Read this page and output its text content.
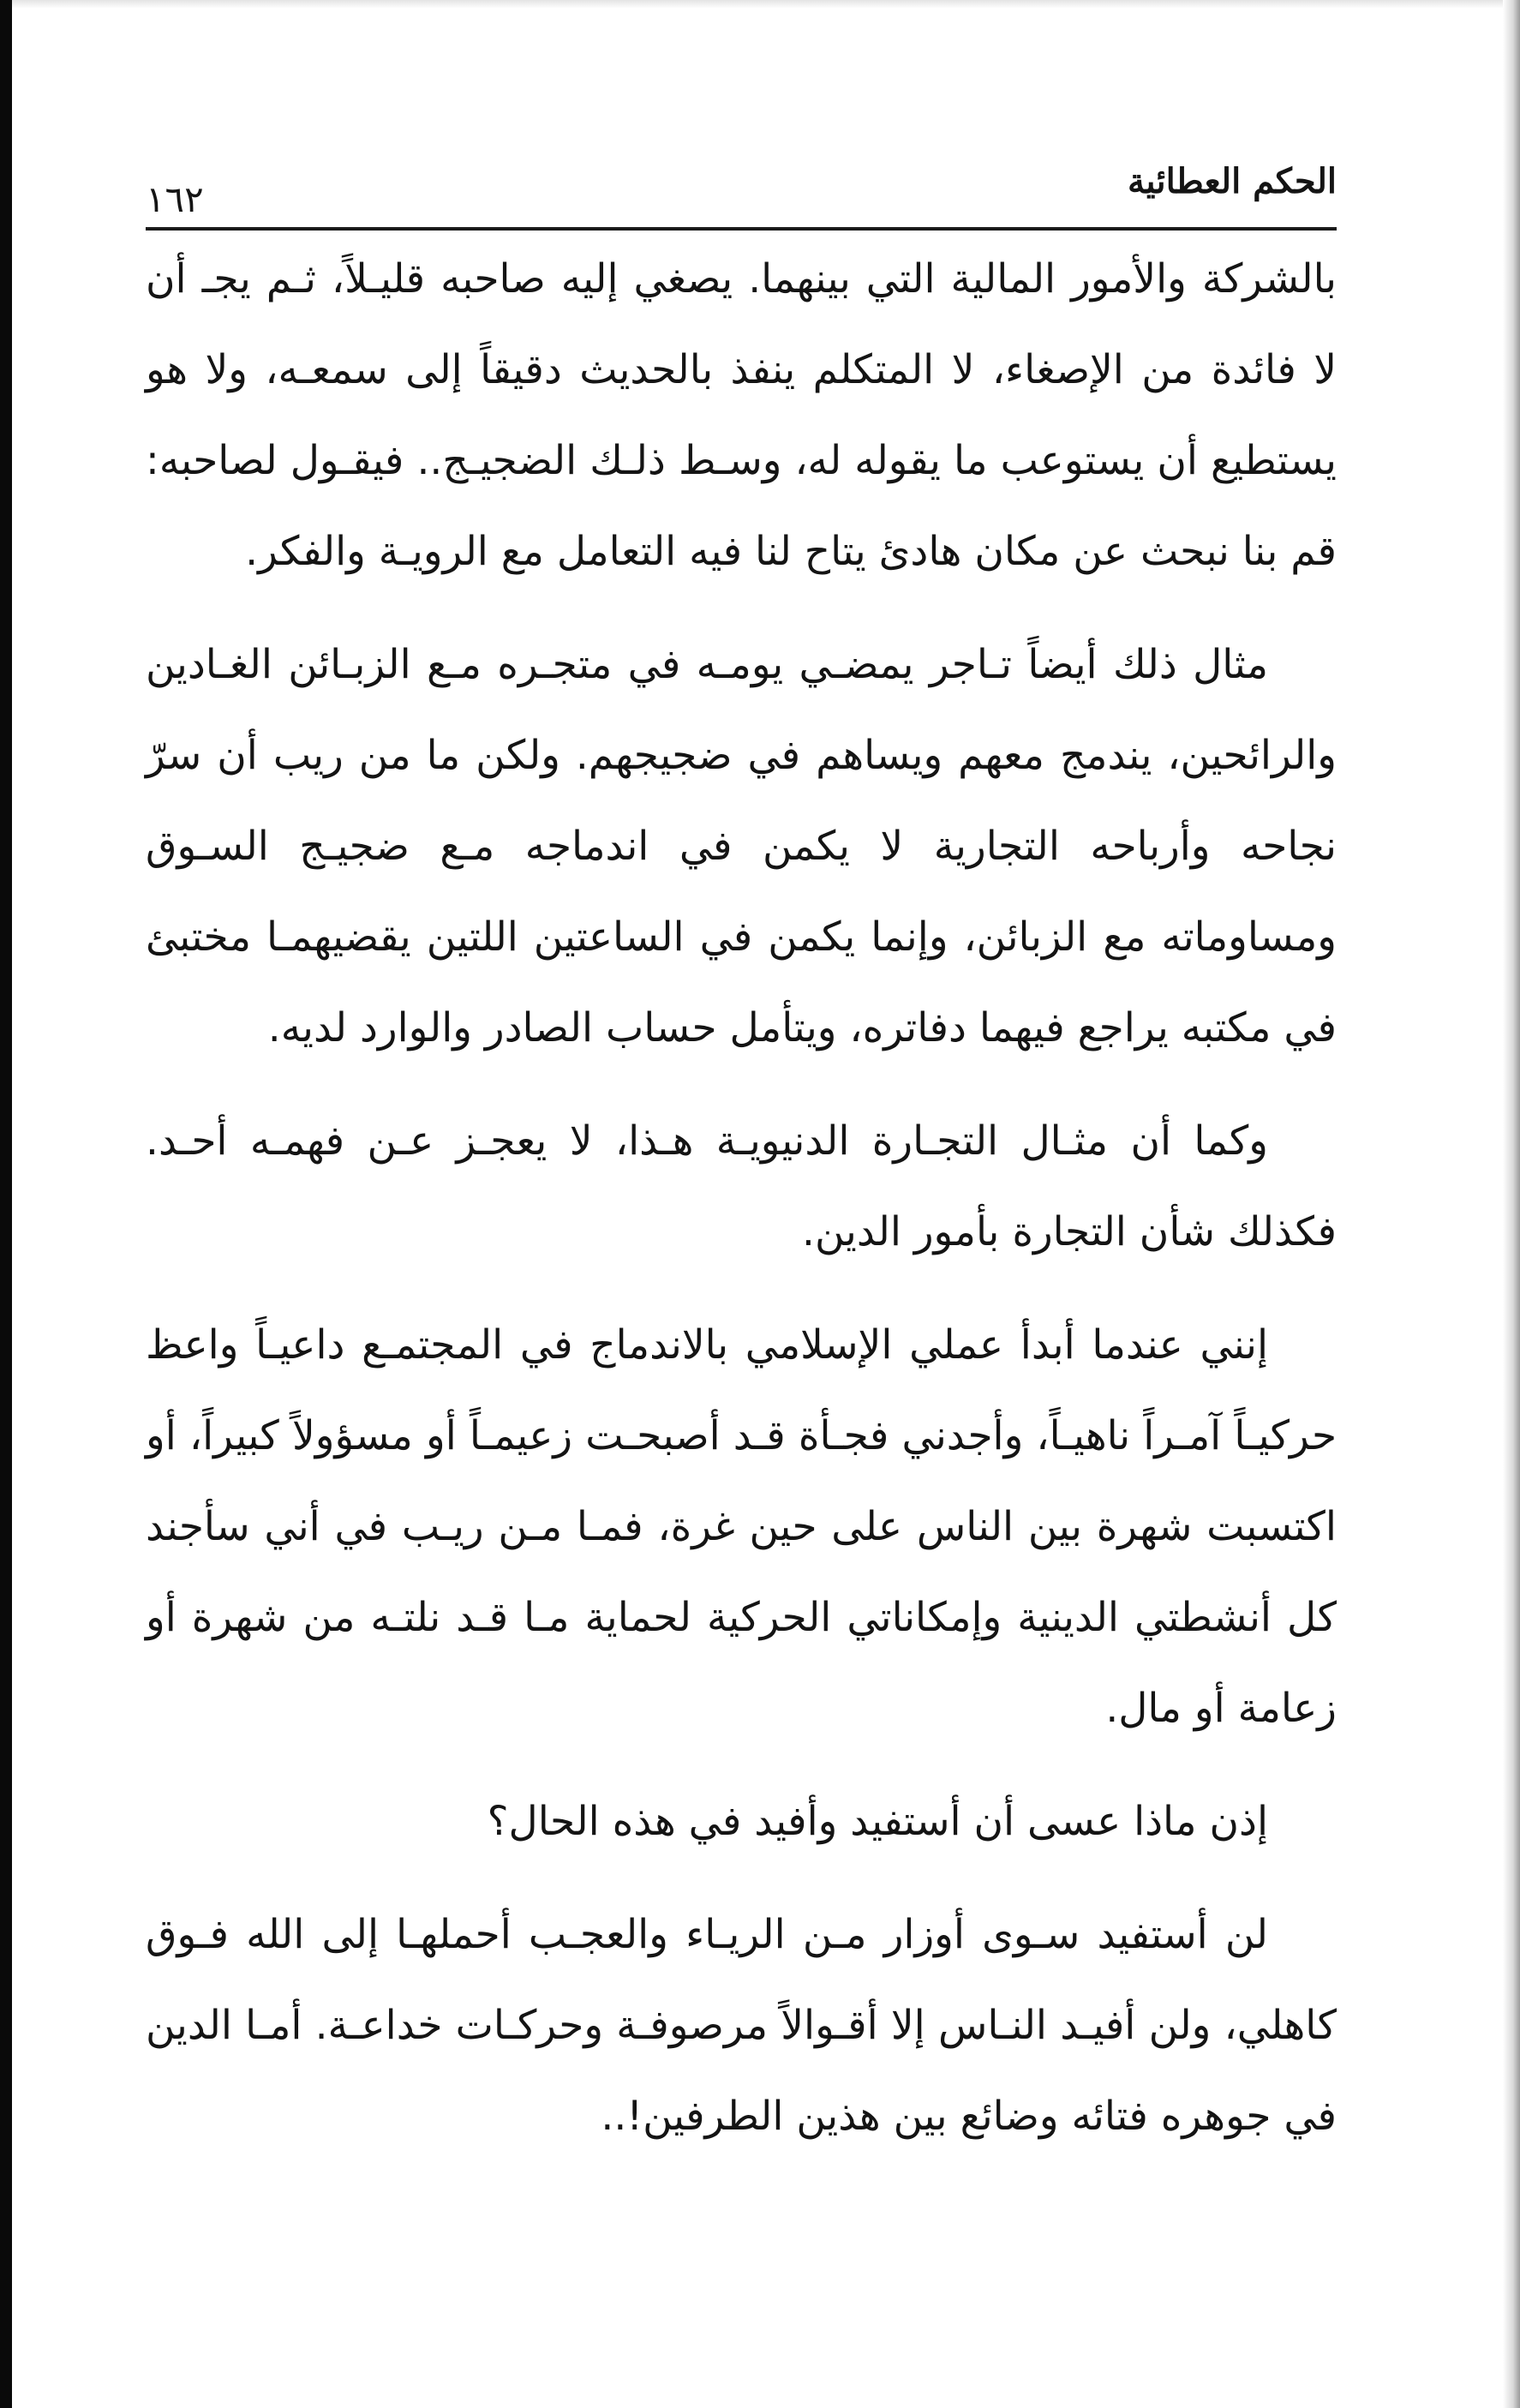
الحكم العطائية
١٦٢

بالشركة والأمور المالية التي بينهما. يصغي إليه صاحبه قليـلاً، ثـم يجـ أن لا فائدة من الإصغاء، لا المتكلم ينفذ بالحديث دقيقاً إلى سمعـه، ولا هو يستطيع أن يستوعب ما يقوله له، وسـط ذلـك الضجيـج.. فيقـول لصاحبه: قم بنا نبحث عن مكان هادئ يتاح لنا فيه التعامل مع الرويـة والفكر.

مثال ذلك أيضاً تـاجر يمضـي يومـه في متجـره مـع الزبـائن الغـادين والرائحين، يندمج معهم ويساهم في ضجيجهم. ولكن ما من ريب أن سرّ نجاحه وأرباحه التجارية لا يكمن في اندماجه مـع ضجيـج السـوق ومساوماته مع الزبائن، وإنما يكمن في الساعتين اللتين يقضيهمـا مختبئ في مكتبه يراجع فيهما دفاتره، ويتأمل حساب الصادر والوارد لديه.

وكما أن مثـال التجـارة الدنيويـة هـذا، لا يعجـز عـن فهمـه أحـد. فكذلك شأن التجارة بأمور الدين.

إنني عندما أبدأ عملي الإسلامي بالاندماج في المجتمـع داعيـاً واعظ حركيـاً آمـراً ناهيـاً، وأجدني فجـأة قـد أصبحـت زعيمـاً أو مسؤولاً كبيراً، أو اكتسبت شهرة بين الناس على حين غرة، فمـا مـن ريـب في أني سأجند كل أنشطتي الدينية وإمكاناتي الحركية لحماية مـا قـد نلتـه من شهرة أو زعامة أو مال.

إذن ماذا عسى أن أستفيد وأفيد في هذه الحال؟

لن أستفيد سـوى أوزار مـن الريـاء والعجـب أحملهـا إلى الله فـوق كاهلي، ولن أفيـد النـاس إلا أقـوالاً مرصوفـة وحركـات خداعـة. أمـا الدين في جوهره فتائه وضائع بين هذين الطرفين!..
